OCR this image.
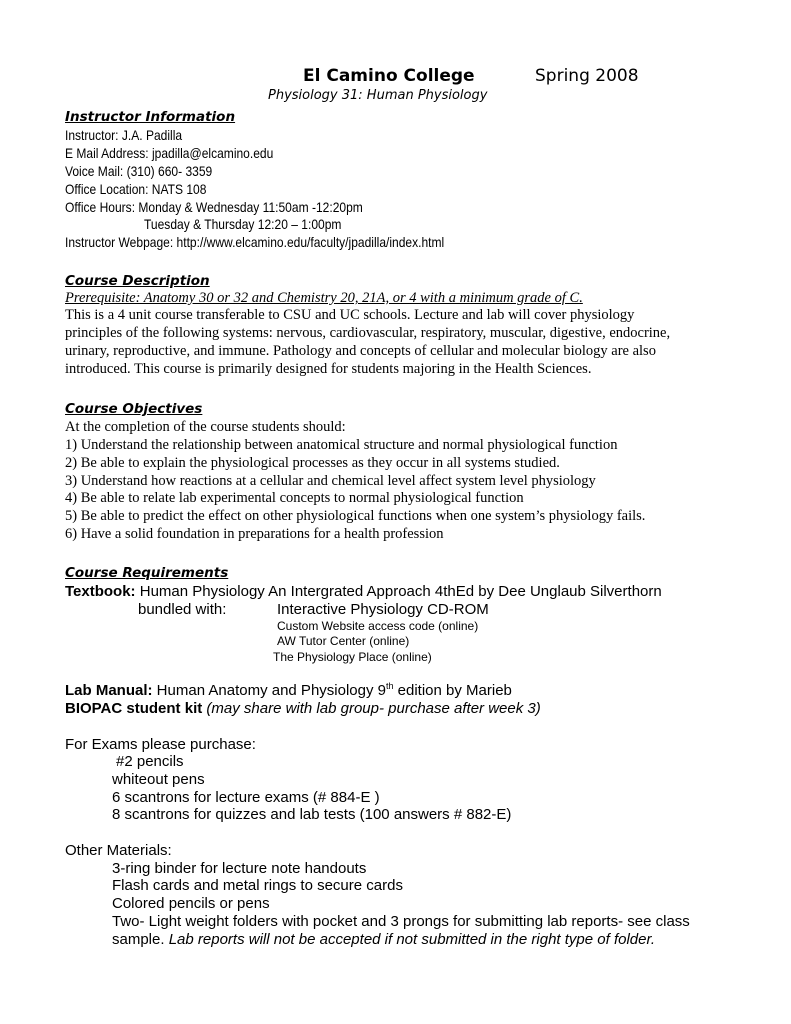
El Camino College	Spring 2008
Physiology 31: Human Physiology
Instructor Information
Instructor: J.A. Padilla
E Mail Address: jpadilla@elcamino.edu
Voice Mail: (310) 660- 3359
Office Location: NATS 108
Office Hours: Monday & Wednesday 11:50am -12:20pm
Tuesday & Thursday 12:20 – 1:00pm
Instructor Webpage: http://www.elcamino.edu/faculty/jpadilla/index.html
Course Description
Prerequisite: Anatomy 30 or 32 and Chemistry 20, 21A, or 4 with a minimum grade of C.
This is a 4 unit course transferable to CSU and UC schools. Lecture and lab will cover physiology
principles of the following systems: nervous, cardiovascular, respiratory, muscular, digestive, endocrine,
urinary, reproductive, and immune. Pathology and concepts of cellular and molecular biology are also
introduced. This course is primarily designed for students majoring in the Health Sciences.
Course Objectives
At the completion of the course students should:
1) Understand the relationship between anatomical structure and normal physiological function
2) Be able to explain the physiological processes as they occur in all systems studied.
3) Understand how reactions at a cellular and chemical level affect system level physiology
4) Be able to relate lab experimental concepts to normal physiological function
5) Be able to predict the effect on other physiological functions when one system’s physiology fails.
6) Have a solid foundation in preparations for a health profession
Course Requirements
Textbook: Human Physiology An Intergrated Approach 4thEd by Dee Unglaub Silverthorn
bundled with:	Interactive Physiology CD-ROM
Custom Website access code (online)
AW Tutor Center (online)
The Physiology Place (online)
Lab Manual: Human Anatomy and Physiology 9th edition by Marieb
BIOPAC student kit (may share with lab group- purchase after week 3)
For Exams please purchase:
#2 pencils
whiteout pens
6 scantrons for lecture exams (# 884-E )
8 scantrons for quizzes and lab tests (100 answers # 882-E)
Other Materials:
3-ring binder for lecture note handouts
Flash cards and metal rings to secure cards
Colored pencils or pens
Two- Light weight folders with pocket and 3 prongs for submitting lab reports- see class
sample. Lab reports will not be accepted if not submitted in the right type of folder.
